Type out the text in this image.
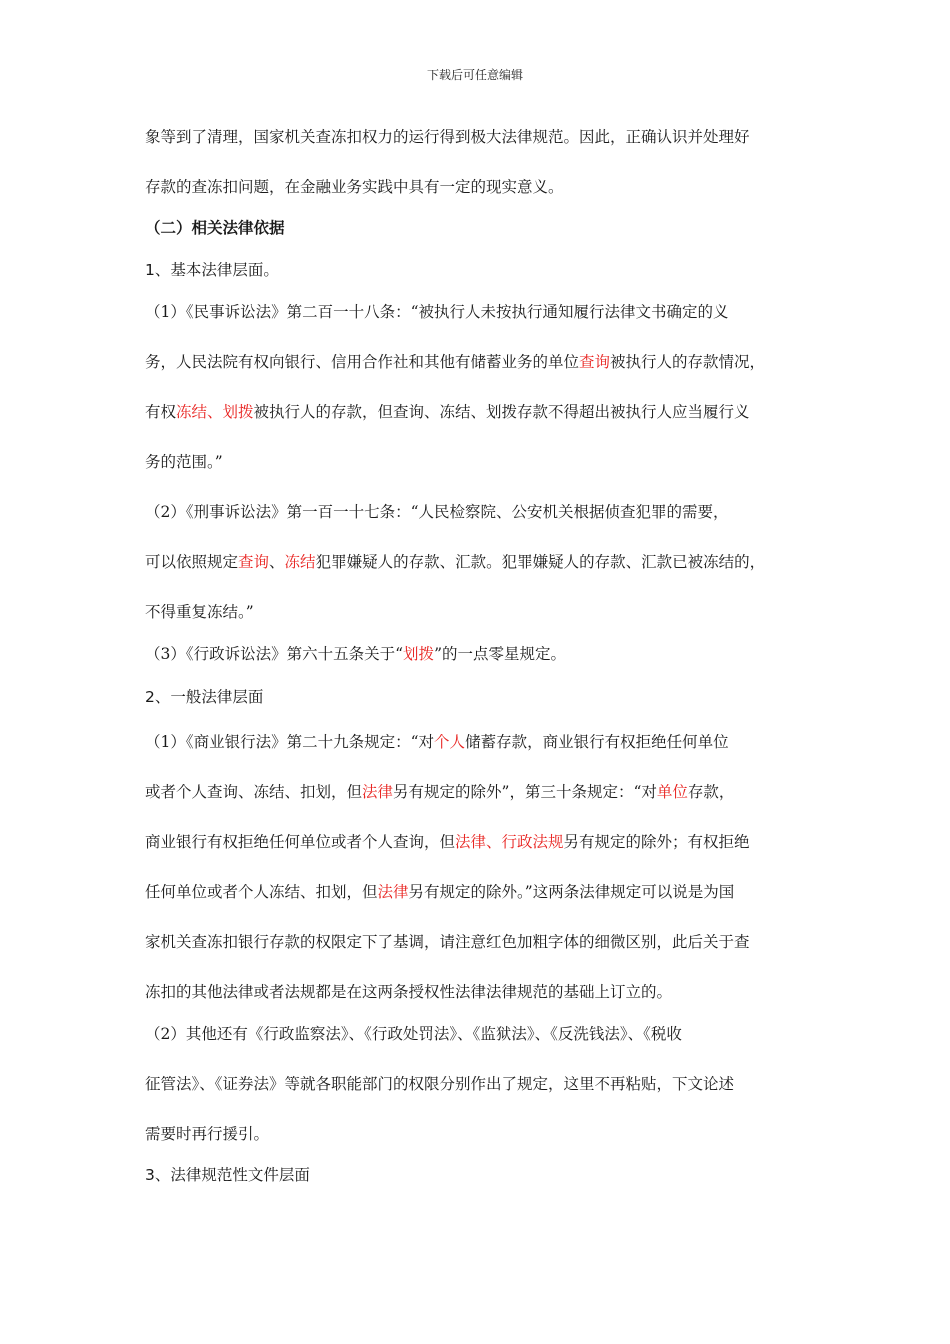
下载后可任意编辑
象等到了清理，国家机关查冻扣权力的运行得到极大法律规范。因此，正确认识并处理好
存款的查冻扣问题，在金融业务实践中具有一定的现实意义。
（二）相关法律依据
1、基本法律层面。
（1）《民事诉讼法》第二百一十八条：“被执行人未按执行通知履行法律文书确定的义
务，人民法院有权向银行、信用合作社和其他有储蓄业务的单位查询被执行人的存款情况，
有权冻结、划拨被执行人的存款，但查询、冻结、划拨存款不得超出被执行人应当履行义
务的范围。”
（2）《刑事诉讼法》第一百一十七条：“人民检察院、公安机关根据侦查犯罪的需要，
可以依照规定查询、冻结犯罪嫌疑人的存款、汇款。犯罪嫌疑人的存款、汇款已被冻结的，
不得重复冻结。”
（3）《行政诉讼法》第六十五条关于“划拨”的一点零星规定。
2、一般法律层面
（1）《商业银行法》第二十九条规定：“对个人储蓄存款，商业银行有权拒绝任何单位
或者个人查询、冻结、扣划，但法律另有规定的除外”，第三十条规定：“对单位存款，
商业银行有权拒绝任何单位或者个人查询，但法律、行政法规另有规定的除外；有权拒绝
任何单位或者个人冻结、扣划，但法律另有规定的除外。”这两条法律规定可以说是为国
家机关查冻扣银行存款的权限定下了基调，请注意红色加粗字体的细微区别，此后关于查
冻扣的其他法律或者法规都是在这两条授权性法律法律规范的基础上订立的。
（2）其他还有《行政监察法》、《行政处罚法》、《监狱法》、《反洗钱法》、《税收
征管法》、《证券法》等就各职能部门的权限分别作出了规定，这里不再粘贴，下文论述
需要时再行援引。
3、法律规范性文件层面
